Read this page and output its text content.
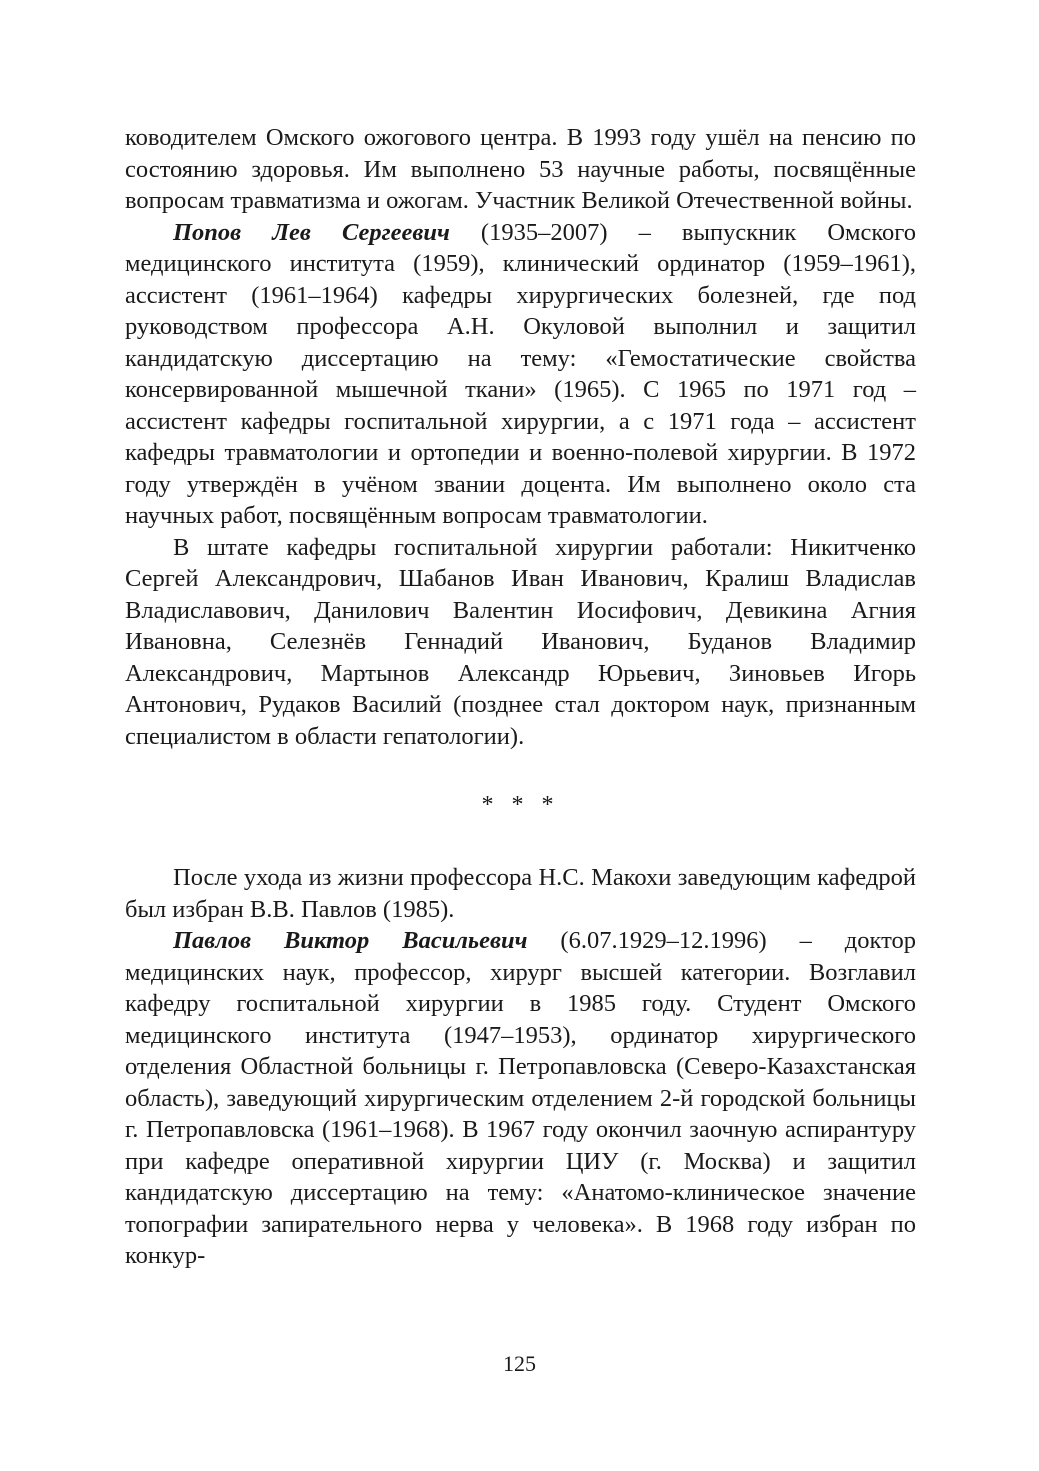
ководителем Омского ожогового центра. В 1993 году ушёл на пенсию по состоянию здоровья. Им выполнено 53 научные работы, посвящённые вопросам травматизма и ожогам. Участник Великой Отечественной войны.

Попов Лев Сергеевич (1935–2007) – выпускник Омского медицинского института (1959), клинический ординатор (1959–1961), ассистент (1961–1964) кафедры хирургических болезней, где под руководством профессора А.Н. Окуловой выполнил и защитил кандидатскую диссертацию на тему: «Гемостатические свойства консервированной мышечной ткани» (1965). С 1965 по 1971 год – ассистент кафедры госпитальной хирургии, а с 1971 года – ассистент кафедры травматологии и ортопедии и военно-полевой хирургии. В 1972 году утверждён в учёном звании доцента. Им выполнено около ста научных работ, посвящённым вопросам травматологии.

В штате кафедры госпитальной хирургии работали: Никитченко Сергей Александрович, Шабанов Иван Иванович, Кралиш Владислав Владиславович, Данилович Валентин Иосифович, Девикина Агния Ивановна, Селезнёв Геннадий Иванович, Буданов Владимир Александрович, Мартынов Александр Юрьевич, Зиновьев Игорь Антонович, Рудаков Василий (позднее стал доктором наук, признанным специалистом в области гепатологии).

* * *

После ухода из жизни профессора Н.С. Макохи заведующим кафедрой был избран В.В. Павлов (1985).

Павлов Виктор Васильевич (6.07.1929–12.1996) – доктор медицинских наук, профессор, хирург высшей категории. Возглавил кафедру госпитальной хирургии в 1985 году. Студент Омского медицинского института (1947–1953), ординатор хирургического отделения Областной больницы г. Петропавловска (Северо-Казахстанская область), заведующий хирургическим отделением 2-й городской больницы г. Петропавловска (1961–1968). В 1967 году окончил заочную аспирантуру при кафедре оперативной хирургии ЦИУ (г. Москва) и защитил кандидатскую диссертацию на тему: «Анатомо-клиническое значение топографии запирательного нерва у человека». В 1968 году избран по конкур-

125
